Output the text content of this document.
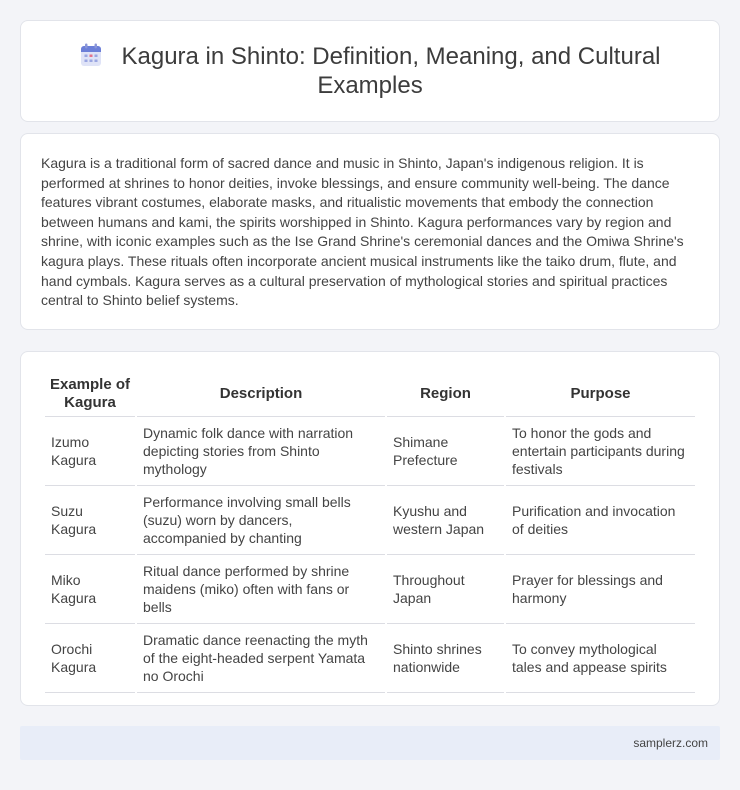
Kagura in Shinto: Definition, Meaning, and Cultural Examples

Kagura is a traditional form of sacred dance and music in Shinto, Japan's indigenous religion. It is performed at shrines to honor deities, invoke blessings, and ensure community well-being. The dance features vibrant costumes, elaborate masks, and ritualistic movements that embody the connection between humans and kami, the spirits worshipped in Shinto. Kagura performances vary by region and shrine, with iconic examples such as the Ise Grand Shrine's ceremonial dances and the Omiwa Shrine's kagura plays. These rituals often incorporate ancient musical instruments like the taiko drum, flute, and hand cymbals. Kagura serves as a cultural preservation of mythological stories and spiritual practices central to Shinto belief systems.

Example of Kagura	Description	Region	Purpose
Izumo Kagura	Dynamic folk dance with narration depicting stories from Shinto mythology	Shimane Prefecture	To honor the gods and entertain participants during festivals
Suzu Kagura	Performance involving small bells (suzu) worn by dancers, accompanied by chanting	Kyushu and western Japan	Purification and invocation of deities
Miko Kagura	Ritual dance performed by shrine maidens (miko) often with fans or bells	Throughout Japan	Prayer for blessings and harmony
Orochi Kagura	Dramatic dance reenacting the myth of the eight-headed serpent Yamata no Orochi	Shinto shrines nationwide	To convey mythological tales and appease spirits
samplerz.com
